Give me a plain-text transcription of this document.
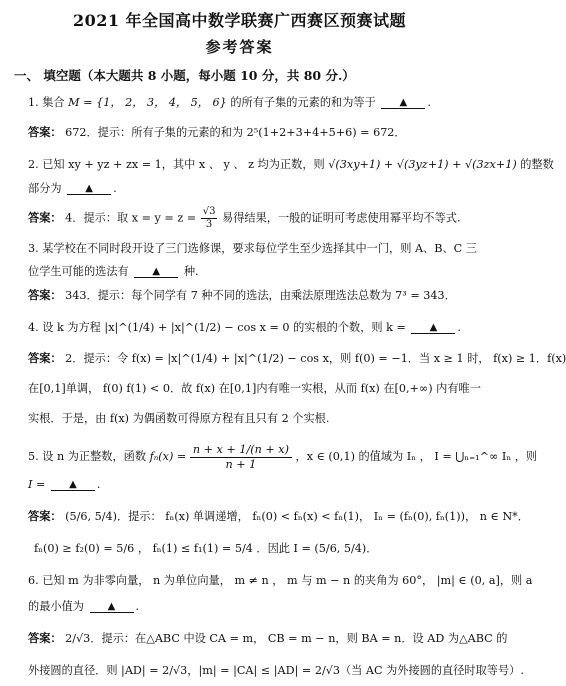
2021 年全国高中数学联赛广西赛区预赛试题
参考答案
一、 填空题（本大题共 8 小题，每小题 10 分，共 80 分.）
1. 集合 M = {1， 2， 3， 4， 5， 6} 的所有子集的元素的和为等于 ▲ .
答案： 672．提示：所有子集的元素的和为 2⁵(1+2+3+4+5+6) = 672．
2. 已知 xy + yz + zx = 1，其中 x 、 y 、 z 均为正数，则 √(3xy+1) + √(3yz+1) + √(3zx+1) 的整数
部分为 ▲ .
答案： 4．提示：取 $x = y = z = \frac{√3}{3}$ 易得结果，一般的证明可考虑使用幂平均不等式.
3. 某学校在不同时段开设了三门选修课，要求每位学生至少选择其中一门，则 A、B、C 三
位学生可能的选法有 ▲ 种.
答案： 343．提示：每个同学有 7 种不同的选法，由乘法原理选法总数为 7³ = 343．
4. 设 k 为方程 |x|^(1/4) + |x|^(1/2) − cos x = 0 的实根的个数，则 k = ▲ .
答案： 2．提示：令 f(x) = |x|^(1/4) + |x|^(1/2) − cos x，则 f(0) = −1．当 x ≥ 1 时， f(x) ≥ 1．f(x)
在[0,1]单调， f(0) f(1) < 0．故 f(x) 在[0,1]内有唯一实根，从而 f(x) 在[0,+∞) 内有唯一
实根．于是，由 f(x) 为偶函数可得原方程有且只有 2 个实根.
5. 设 n 为正整数，函数 $f_n(x) = \frac{n + x + 1/(n + x)}{n + 1}$ ，x ∈ (0,1) 的值域为 Iₙ ， I = ⋃ₙ₌₁^∞ Iₙ ，则
I = ▲ .
答案： (5/6, 5/4)．提示： fₙ(x) 单调递增， fₙ(0) < fₙ(x) < fₙ(1)， Iₙ = (fₙ(0), fₙ(1))， n ∈ N*．
fₙ(0) ≥ f₂(0) = 5/6 ， fₙ(1) ≤ f₁(1) = 5/4 ．因此 I = (5/6, 5/4)．
6. 已知 m 为非零向量， n 为单位向量， m ≠ n ， m 与 m − n 的夹角为 60°， |m| ∈ (0, a]，则 a
的最小值为 ▲ .
答案： 2/√3．提示：在△ABC 中设 CA = m， CB = m − n，则 BA = n．设 AD 为△ABC 的
外接圆的直径．则 |AD| = 2/√3，|m| = |CA| ≤ |AD| = 2/√3（当 AC 为外接圆的直径时取等号）.
